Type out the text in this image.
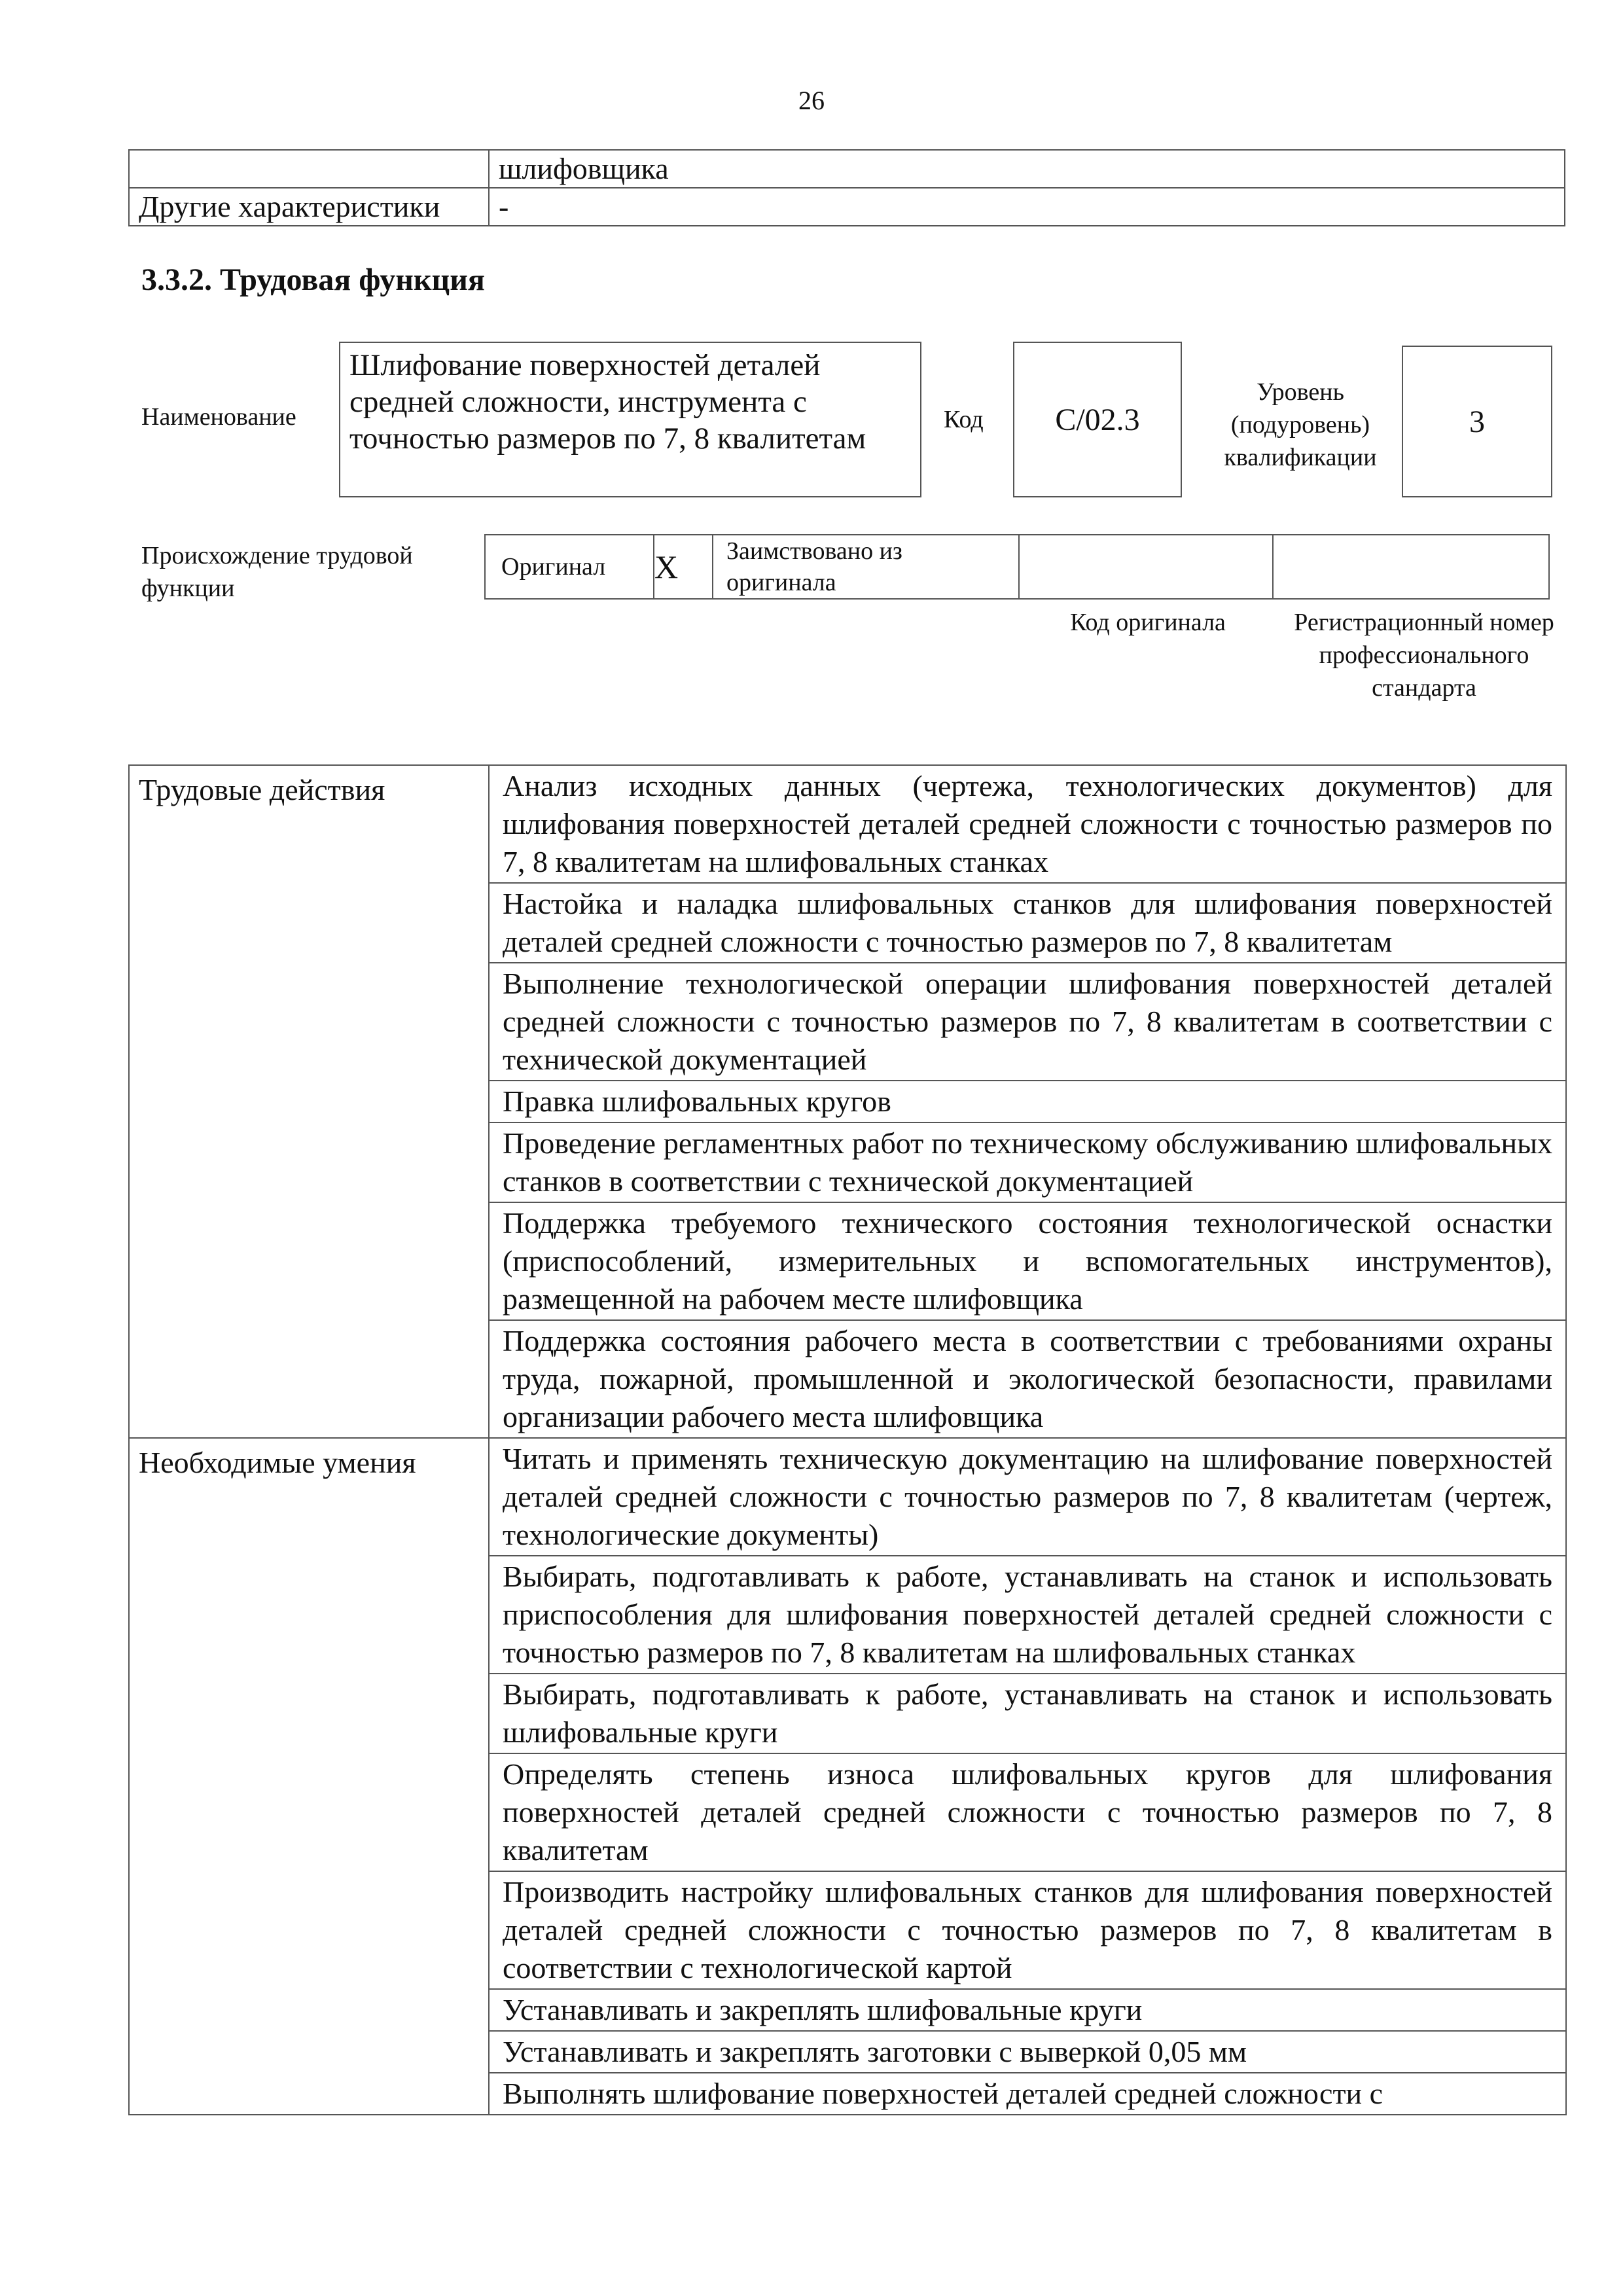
26
	шлифовщика
Другие характеристики	-
3.3.2. Трудовая функция
Наименование
Шлифование поверхностей деталей средней сложности, инструмента с точностью размеров по 7, 8 квалитетам
Код	С/02.3
Уровень (подуровень) квалификации
3
Происхождение трудовой функции
Оригинал	X	Заимствовано из оригинала		
Код оригинала	Регистрационный номер профессионального стандарта
Трудовые действия	Анализ исходных данных (чертежа, технологических документов) для шлифования поверхностей деталей средней сложности с точностью размеров по 7, 8 квалитетам на шлифовальных станках
	Настойка и наладка шлифовальных станков для шлифования поверхностей деталей средней сложности с точностью размеров по 7, 8 квалитетам
	Выполнение технологической операции шлифования поверхностей деталей средней сложности с точностью размеров по 7, 8 квалитетам в соответствии с технической документацией
	Правка шлифовальных кругов
	Проведение регламентных работ по техническому обслуживанию шлифовальных станков в соответствии с технической документацией
	Поддержка требуемого технического состояния технологической оснастки (приспособлений, измерительных и вспомогательных инструментов), размещенной на рабочем месте шлифовщика
	Поддержка состояния рабочего места в соответствии с требованиями охраны труда, пожарной, промышленной и экологической безопасности, правилами организации рабочего места шлифовщика
Необходимые умения	Читать и применять техническую документацию на шлифование поверхностей деталей средней сложности с точностью размеров по 7, 8 квалитетам (чертеж, технологические документы)
	Выбирать, подготавливать к работе, устанавливать на станок и использовать приспособления для шлифования поверхностей деталей средней сложности с точностью размеров по 7, 8 квалитетам на шлифовальных станках
	Выбирать, подготавливать к работе, устанавливать на станок и использовать шлифовальные круги
	Определять степень износа шлифовальных кругов для шлифования поверхностей деталей средней сложности с точностью размеров по 7, 8 квалитетам
	Производить настройку шлифовальных станков для шлифования поверхностей деталей средней сложности с точностью размеров по 7, 8 квалитетам в соответствии с технологической картой
	Устанавливать и закреплять шлифовальные круги
	Устанавливать и закреплять заготовки с выверкой 0,05 мм
	Выполнять шлифование поверхностей деталей средней сложности с
